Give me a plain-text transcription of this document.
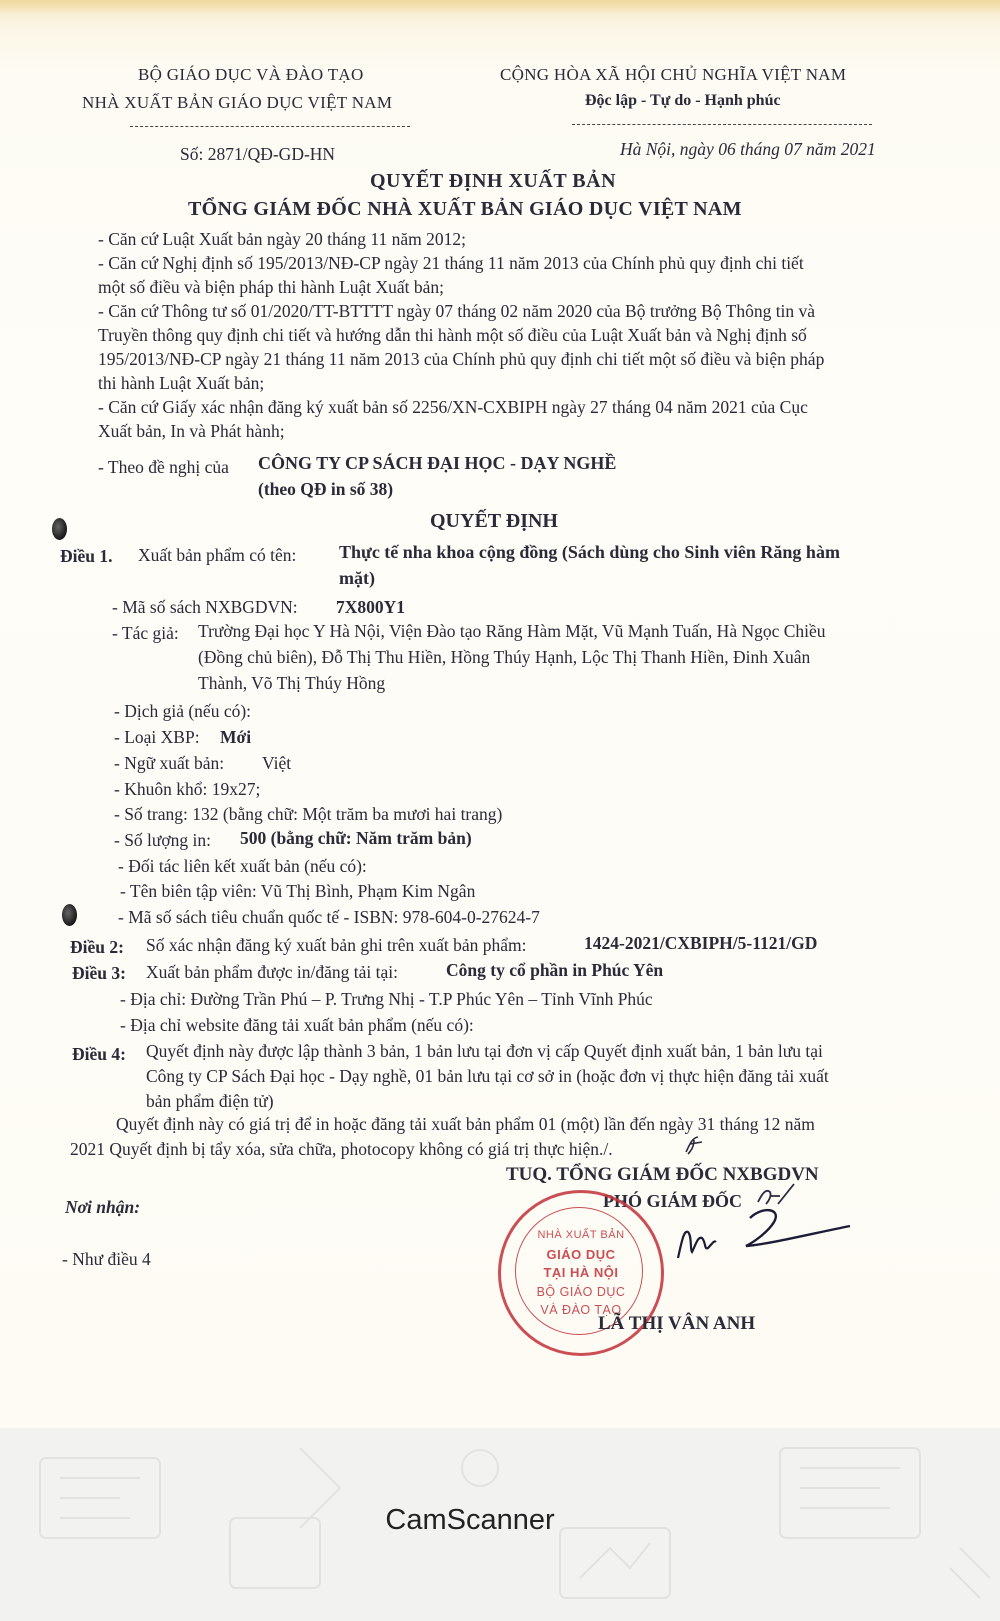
BỘ GIÁO DỤC VÀ ĐÀO TẠO
NHÀ XUẤT BẢN GIÁO DỤC VIỆT NAM
CỘNG HÒA XÃ HỘI CHỦ NGHĨA VIỆT NAM
Độc lập - Tự do - Hạnh phúc
Số: 2871/QĐ-GD-HN	Hà Nội, ngày 06 tháng 07 năm 2021
QUYẾT ĐỊNH XUẤT BẢN
TỔNG GIÁM ĐỐC NHÀ XUẤT BẢN GIÁO DỤC VIỆT NAM
- Căn cứ Luật Xuất bản ngày 20 tháng 11 năm 2012;
- Căn cứ Nghị định số 195/2013/NĐ-CP ngày 21 tháng 11 năm 2013 của Chính phủ quy định chi tiết
một số điều và biện pháp thi hành Luật Xuất bản;
- Căn cứ Thông tư số 01/2020/TT-BTTTT ngày 07 tháng 02 năm 2020 của Bộ trưởng Bộ Thông tin và
Truyền thông quy định chi tiết và hướng dẫn thi hành một số điều của Luật Xuất bản và Nghị định số
195/2013/NĐ-CP ngày 21 tháng 11 năm 2013 của Chính phủ quy định chi tiết một số điều và biện pháp
thi hành Luật Xuất bản;
- Căn cứ Giấy xác nhận đăng ký xuất bản số 2256/XN-CXBIPH ngày 27 tháng 04 năm 2021 của Cục
Xuất bản, In và Phát hành;
- Theo đề nghị của CÔNG TY CP SÁCH ĐẠI HỌC - DẠY NGHỀ
(theo QĐ in số 38)
QUYẾT ĐỊNH
Điều 1. Xuất bản phẩm có tên: Thực tế nha khoa cộng đồng (Sách dùng cho Sinh viên Răng hàm
mặt)
- Mã số sách NXBGDVN: 7X800Y1
- Tác giả: Trường Đại học Y Hà Nội, Viện Đào tạo Răng Hàm Mặt, Vũ Mạnh Tuấn, Hà Ngọc Chiều
(Đồng chủ biên), Đỗ Thị Thu Hiền, Hồng Thúy Hạnh, Lộc Thị Thanh Hiền, Đinh Xuân
Thành, Võ Thị Thúy Hồng
- Dịch giả (nếu có):
- Loại XBP: Mới
- Ngữ xuất bản: Việt
- Khuôn khổ: 19x27;
- Số trang: 132 (bằng chữ: Một trăm ba mươi hai trang)
- Số lượng in: 500 (bằng chữ: Năm trăm bản)
- Đối tác liên kết xuất bản (nếu có):
- Tên biên tập viên: Vũ Thị Bình, Phạm Kim Ngân
- Mã số sách tiêu chuẩn quốc tế - ISBN: 978-604-0-27624-7
Điều 2: Số xác nhận đăng ký xuất bản ghi trên xuất bản phẩm:	1424-2021/CXBIPH/5-1121/GD
Điều 3: Xuất bản phẩm được in/đăng tải tại:	Công ty cổ phần in Phúc Yên
- Địa chỉ: Đường Trần Phú – P. Trưng Nhị - T.P Phúc Yên – Tỉnh Vĩnh Phúc
- Địa chỉ website đăng tải xuất bản phẩm (nếu có):
Điều 4: Quyết định này được lập thành 3 bản, 1 bản lưu tại đơn vị cấp Quyết định xuất bản, 1 bản lưu tại
Công ty CP Sách Đại học - Dạy nghề, 01 bản lưu tại cơ sở in (hoặc đơn vị thực hiện đăng tải xuất
bản phẩm điện tử)
Quyết định này có giá trị để in hoặc đăng tải xuất bản phẩm 01 (một) lần đến ngày 31 tháng 12 năm
2021 Quyết định bị tẩy xóa, sửa chữa, photocopy không có giá trị thực hiện./.
TUQ. TỔNG GIÁM ĐỐC NXBGDVN
PHÓ GIÁM ĐỐC
Nơi nhận:
- Như điều 4
NHÀ XUẤT BẢN
GIÁO DỤC
TẠI HÀ NỘI
BỘ GIÁO DỤC
VÀ ĐÀO TẠO
LÃ THỊ VÂN ANH
CamScanner
